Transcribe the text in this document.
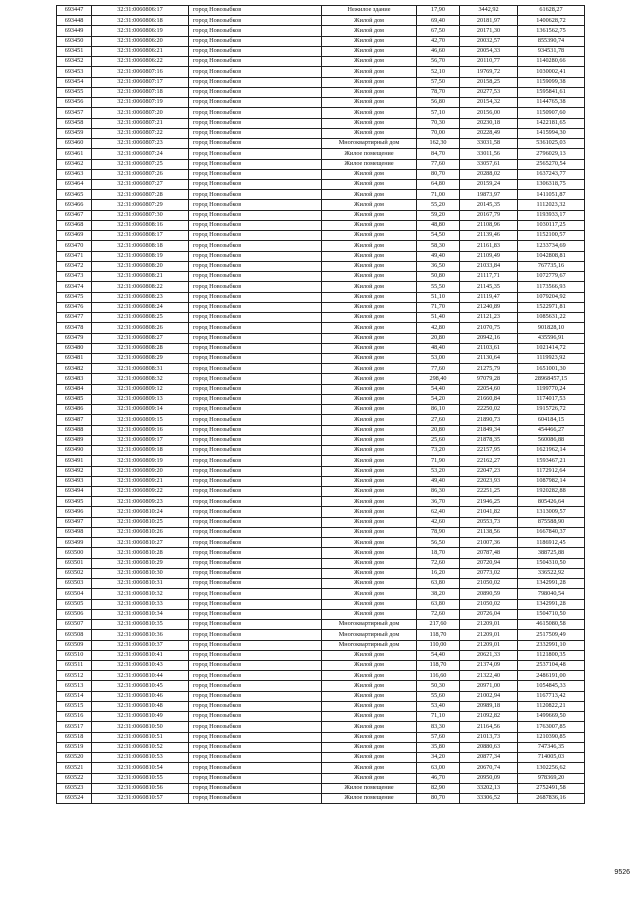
693447	32:31:0060806:17	город Новозыбков	Нежилое здание	17,90	3442,92	61628,27
693448	32:31:0060806:18	город Новозыбков	Жилой дом	69,40	20181,97	1400628,72
693449	32:31:0060806:19	город Новозыбков	Жилой дом	67,50	20171,30	1361562,75
693450	32:31:0060806:20	город Новозыбков	Жилой дом	42,70	20032,57	855390,74
693451	32:31:0060806:21	город Новозыбков	Жилой дом	46,60	20054,33	934531,78
693452	32:31:0060806:22	город Новозыбков	Жилой дом	56,70	20110,77	1140280,66
693453	32:31:0060807:16	город Новозыбков	Жилой дом	52,10	19769,72	1030002,41
693454	32:31:0060807:17	город Новозыбков	Жилой дом	57,50	20158,25	1159099,38
693455	32:31:0060807:18	город Новозыбков	Жилой дом	78,70	20277,53	1595841,61
693456	32:31:0060807:19	город Новозыбков	Жилой дом	56,80	20154,32	1144765,38
693457	32:31:0060807:20	город Новозыбков	Жилой дом	57,10	20156,00	1150907,60
693458	32:31:0060807:21	город Новозыбков	Жилой дом	70,30	20230,18	1422181,65
693459	32:31:0060807:22	город Новозыбков	Жилой дом	70,00	20228,49	1415994,30
693460	32:31:0060807:23	город Новозыбков	Многоквартирный дом	162,30	33031,58	5361025,03
693461	32:31:0060807:24	город Новозыбков	Жилое помещение	84,70	33011,56	2796029,13
693462	32:31:0060807:25	город Новозыбков	Жилое помещение	77,60	33057,61	2565270,54
693463	32:31:0060807:26	город Новозыбков	Жилой дом	80,70	20288,02	1637243,77
693464	32:31:0060807:27	город Новозыбков	Жилой дом	64,80	20159,24	1306318,75
693465	32:31:0060807:28	город Новозыбков	Жилой дом	71,00	19873,97	1411051,87
693466	32:31:0060807:29	город Новозыбков	Жилой дом	55,20	20145,35	1112023,32
693467	32:31:0060807:30	город Новозыбков	Жилой дом	59,20	20167,79	1193933,17
693468	32:31:0060808:16	город Новозыбков	Жилой дом	48,80	21108,96	1030117,25
693469	32:31:0060808:17	город Новозыбков	Жилой дом	54,50	21139,46	1152100,57
693470	32:31:0060808:18	город Новозыбков	Жилой дом	58,30	21161,83	1233734,69
693471	32:31:0060808:19	город Новозыбков	Жилой дом	49,40	21109,49	1042808,81
693472	32:31:0060808:20	город Новозыбков	Жилой дом	36,50	21033,84	767735,16
693473	32:31:0060808:21	город Новозыбков	Жилой дом	50,80	21117,71	1072779,67
693474	32:31:0060808:22	город Новозыбков	Жилой дом	55,50	21145,35	1173566,93
693475	32:31:0060808:23	город Новозыбков	Жилой дом	51,10	21119,47	1079204,92
693476	32:31:0060808:24	город Новозыбков	Жилой дом	71,70	21240,89	1522971,81
693477	32:31:0060808:25	город Новозыбков	Жилой дом	51,40	21121,23	1085631,22
693478	32:31:0060808:26	город Новозыбков	Жилой дом	42,80	21070,75	901828,10
693479	32:31:0060808:27	город Новозыбков	Жилой дом	20,80	20942,16	435596,91
693480	32:31:0060808:28	город Новозыбков	Жилой дом	48,40	21103,61	1021414,72
693481	32:31:0060808:29	город Новозыбков	Жилой дом	53,00	21130,64	1119923,92
693482	32:31:0060808:31	город Новозыбков	Жилой дом	77,60	21275,79	1651001,30
693483	32:31:0060808:32	город Новозыбков	Жилой дом	298,40	97079,28	28968457,15
693484	32:31:0060809:12	город Новозыбков	Жилой дом	54,40	22054,60	1199770,24
693485	32:31:0060809:13	город Новозыбков	Жилой дом	54,20	21660,84	1174017,53
693486	32:31:0060809:14	город Новозыбков	Жилой дом	86,10	22250,02	1915726,72
693487	32:31:0060809:15	город Новозыбков	Жилой дом	27,60	21890,73	604184,15
693488	32:31:0060809:16	город Новозыбков	Жилой дом	20,80	21849,34	454466,27
693489	32:31:0060809:17	город Новозыбков	Жилой дом	25,60	21878,35	560086,88
693490	32:31:0060809:18	город Новозыбков	Жилой дом	73,20	22157,95	1621962,14
693491	32:31:0060809:19	город Новозыбков	Жилой дом	71,90	22162,27	1593467,21
693492	32:31:0060809:20	город Новозыбков	Жилой дом	53,20	22047,23	1172912,64
693493	32:31:0060809:21	город Новозыбков	Жилой дом	49,40	22023,93	1087982,14
693494	32:31:0060809:22	город Новозыбков	Жилой дом	86,30	22251,25	1920282,88
693495	32:31:0060809:23	город Новозыбков	Жилой дом	36,70	21946,25	805426,64
693496	32:31:0060810:24	город Новозыбков	Жилой дом	62,40	21041,82	1313009,57
693497	32:31:0060810:25	город Новозыбков	Жилой дом	42,60	20553,73	875588,90
693498	32:31:0060810:26	город Новозыбков	Жилой дом	78,90	21138,56	1667840,37
693499	32:31:0060810:27	город Новозыбков	Жилой дом	56,50	21007,36	1186912,45
693500	32:31:0060810:28	город Новозыбков	Жилой дом	18,70	20787,48	388725,88
693501	32:31:0060810:29	город Новозыбков	Жилой дом	72,60	20720,94	1504310,50
693502	32:31:0060810:30	город Новозыбков	Жилой дом	16,20	20773,02	336522,92
693503	32:31:0060810:31	город Новозыбков	Жилой дом	63,80	21050,02	1342991,28
693504	32:31:0060810:32	город Новозыбков	Жилой дом	38,20	20890,59	798040,54
693505	32:31:0060810:33	город Новозыбков	Жилой дом	63,80	21050,02	1342991,28
693506	32:31:0060810:34	город Новозыбков	Жилой дом	72,60	20726,04	1504710,50
693507	32:31:0060810:35	город Новозыбков	Многоквартирный дом	217,60	21209,01	4615080,58
693508	32:31:0060810:36	город Новозыбков	Многоквартирный дом	118,70	21209,01	2517509,49
693509	32:31:0060810:37	город Новозыбков	Многоквартирный дом	110,00	21209,01	2332991,10
693510	32:31:0060810:41	город Новозыбков	Жилой дом	54,40	20621,33	1121800,35
693511	32:31:0060810:43	город Новозыбков	Жилой дом	118,70	21374,09	2537104,48
693512	32:31:0060810:44	город Новозыбков	Жилой дом	116,60	21322,40	2486191,00
693513	32:31:0060810:45	город Новозыбков	Жилой дом	50,30	20971,00	1054845,33
693514	32:31:0060810:46	город Новозыбков	Жилой дом	55,60	21002,94	1167713,42
693515	32:31:0060810:48	город Новозыбков	Жилой дом	53,40	20989,18	1120822,21
693516	32:31:0060810:49	город Новозыбков	Жилой дом	71,10	21092,82	1499669,50
693517	32:31:0060810:50	город Новозыбков	Жилой дом	83,30	21164,56	1763007,85
693518	32:31:0060810:51	город Новозыбков	Жилой дом	57,60	21013,73	1210390,85
693519	32:31:0060810:52	город Новозыбков	Жилой дом	35,80	20880,63	747346,35
693520	32:31:0060810:53	город Новозыбков	Жилой дом	34,20	20877,34	714005,03
693521	32:31:0060810:54	город Новозыбков	Жилой дом	63,00	20670,74	1302256,62
693522	32:31:0060810:55	город Новозыбков	Жилой дом	46,70	20950,09	978369,20
693523	32:31:0060810:56	город Новозыбков	Жилое помещение	82,90	33202,13	2752491,58
693524	32:31:0060810:57	город Новозыбков	Жилое помещение	80,70	33306,52	2687836,16
9526
